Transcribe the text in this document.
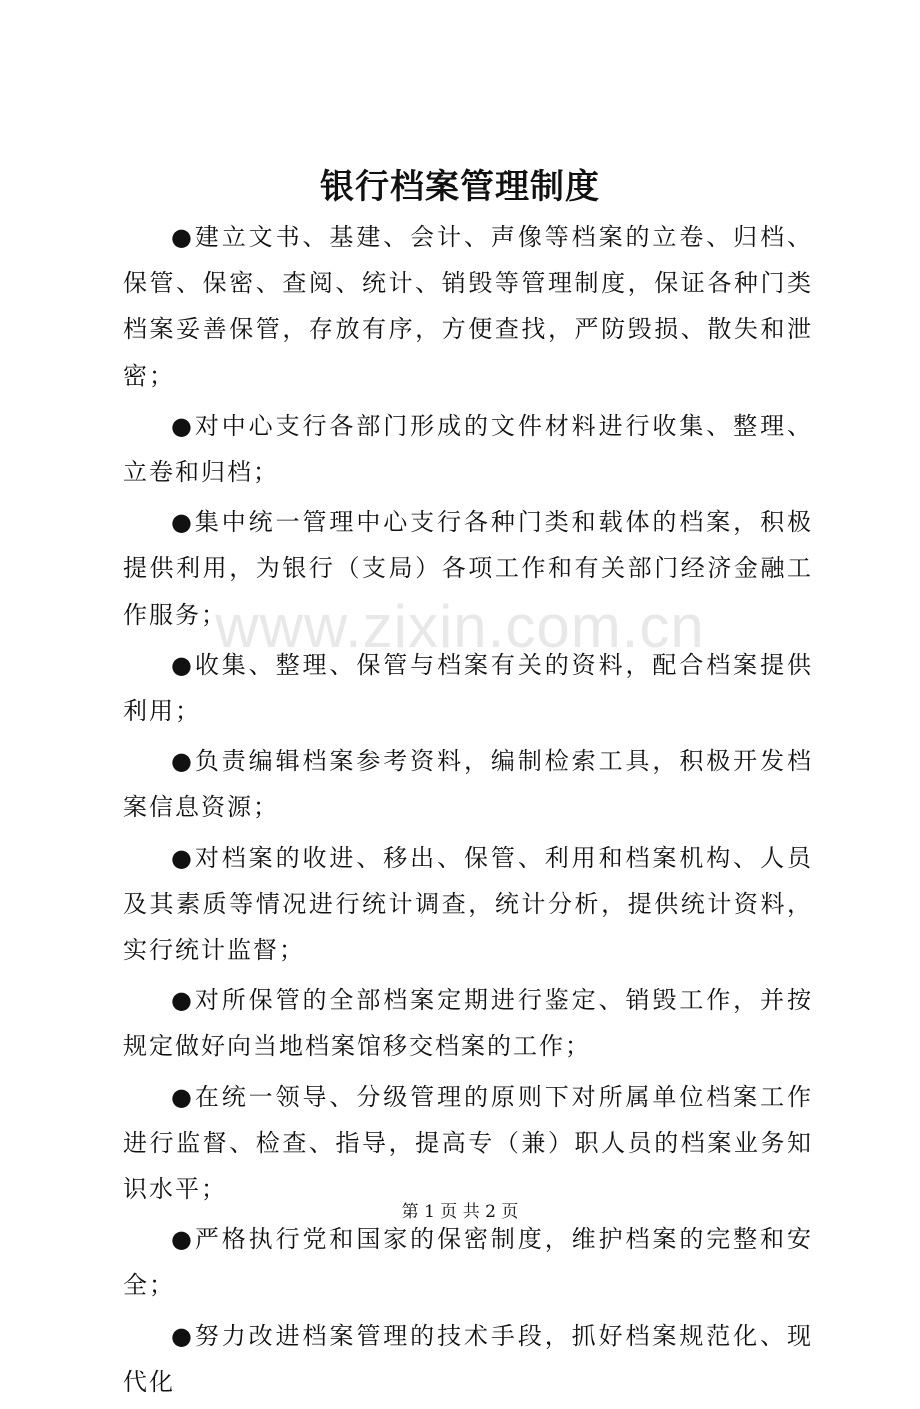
银行档案管理制度

●建立文书、基建、会计、声像等档案的立卷、归档、保管、保密、查阅、统计、销毁等管理制度，保证各种门类档案妥善保管，存放有序，方便查找，严防毁损、散失和泄密；

●对中心支行各部门形成的文件材料进行收集、整理、立卷和归档；

●集中统一管理中心支行各种门类和载体的档案，积极提供利用，为银行（支局）各项工作和有关部门经济金融工作服务；

●收集、整理、保管与档案有关的资料，配合档案提供利用；

●负责编辑档案参考资料，编制检索工具，积极开发档案信息资源；

●对档案的收进、移出、保管、利用和档案机构、人员及其素质等情况进行统计调查，统计分析，提供统计资料，实行统计监督；

●对所保管的全部档案定期进行鉴定、销毁工作，并按规定做好向当地档案馆移交档案的工作；

●在统一领导、分级管理的原则下对所属单位档案工作进行监督、检查、指导，提高专（兼）职人员的档案业务知识水平；

●严格执行党和国家的保密制度，维护档案的完整和安全；

●努力改进档案管理的技术手段，抓好档案规范化、现代化

www.zixin.com.cn
第 1 页 共 2 页
